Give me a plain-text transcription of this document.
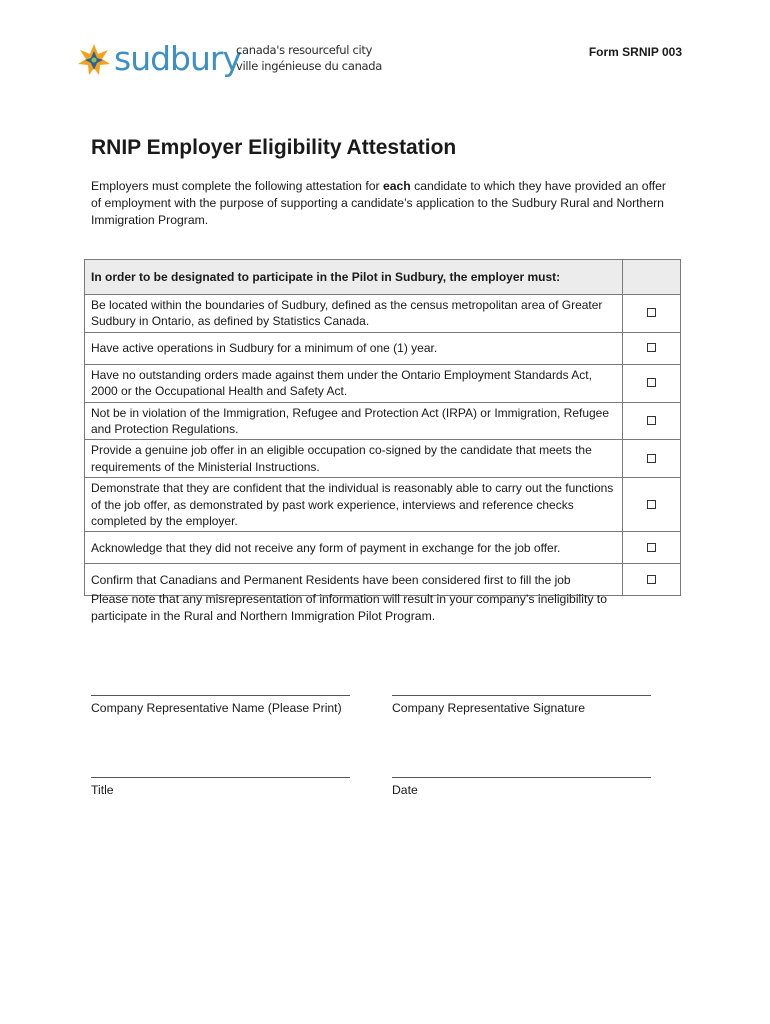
sudbury
canada's resourceful city
ville ingénieuse du canada
Form SRNIP 003
RNIP Employer Eligibility Attestation

Employers must complete the following attestation for each candidate to which they have provided an offer of employment with the purpose of supporting a candidate’s application to the Sudbury Rural and Northern Immigration Program.

In order to be designated to participate in the Pilot in Sudbury, the employer must:	
Be located within the boundaries of Sudbury, defined as the census metropolitan area of Greater Sudbury in Ontario, as defined by Statistics Canada.	
Have active operations in Sudbury for a minimum of one (1) year.	
Have no outstanding orders made against them under the Ontario Employment Standards Act, 2000 or the Occupational Health and Safety Act.	
Not be in violation of the Immigration, Refugee and Protection Act (IRPA) or Immigration, Refugee and Protection Regulations.	
Provide a genuine job offer in an eligible occupation co-signed by the candidate that meets the requirements of the Ministerial Instructions.	
Demonstrate that they are confident that the individual is reasonably able to carry out the functions of the job offer, as demonstrated by past work experience, interviews and reference checks completed by the employer.	
Acknowledge that they did not receive any form of payment in exchange for the job offer.	
Confirm that Canadians and Permanent Residents have been considered first to fill the job	

Please note that any misrepresentation of information will result in your company’s ineligibility to participate in the Rural and Northern Immigration Pilot Program.

Company Representative Name (Please Print)	Company Representative Signature
Title	Date
